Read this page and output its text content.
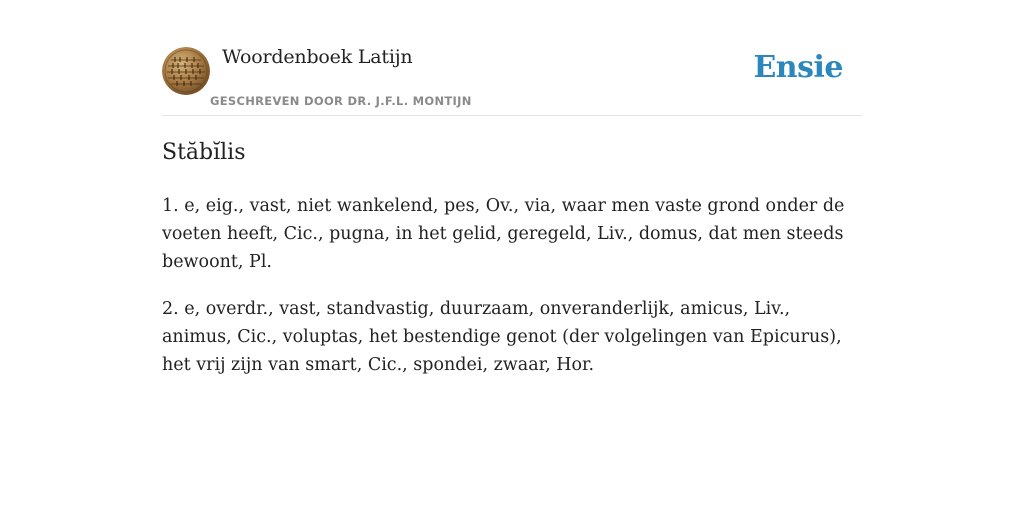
Woordenboek Latijn
GESCHREVEN DOOR DR. J.F.L. MONTIJN
Ensie
Stăbĭlis

1. e, eig., vast, niet wankelend, pes, Ov., via, waar men vaste grond onder de voeten heeft, Cic., pugna, in het gelid, geregeld, Liv., domus, dat men steeds bewoont, Pl.

2. e, overdr., vast, standvastig, duurzaam, onveranderlijk, amicus, Liv., animus, Cic., voluptas, het bestendige genot (der volgelingen van Epicurus), het vrij zijn van smart, Cic., spondei, zwaar, Hor.
